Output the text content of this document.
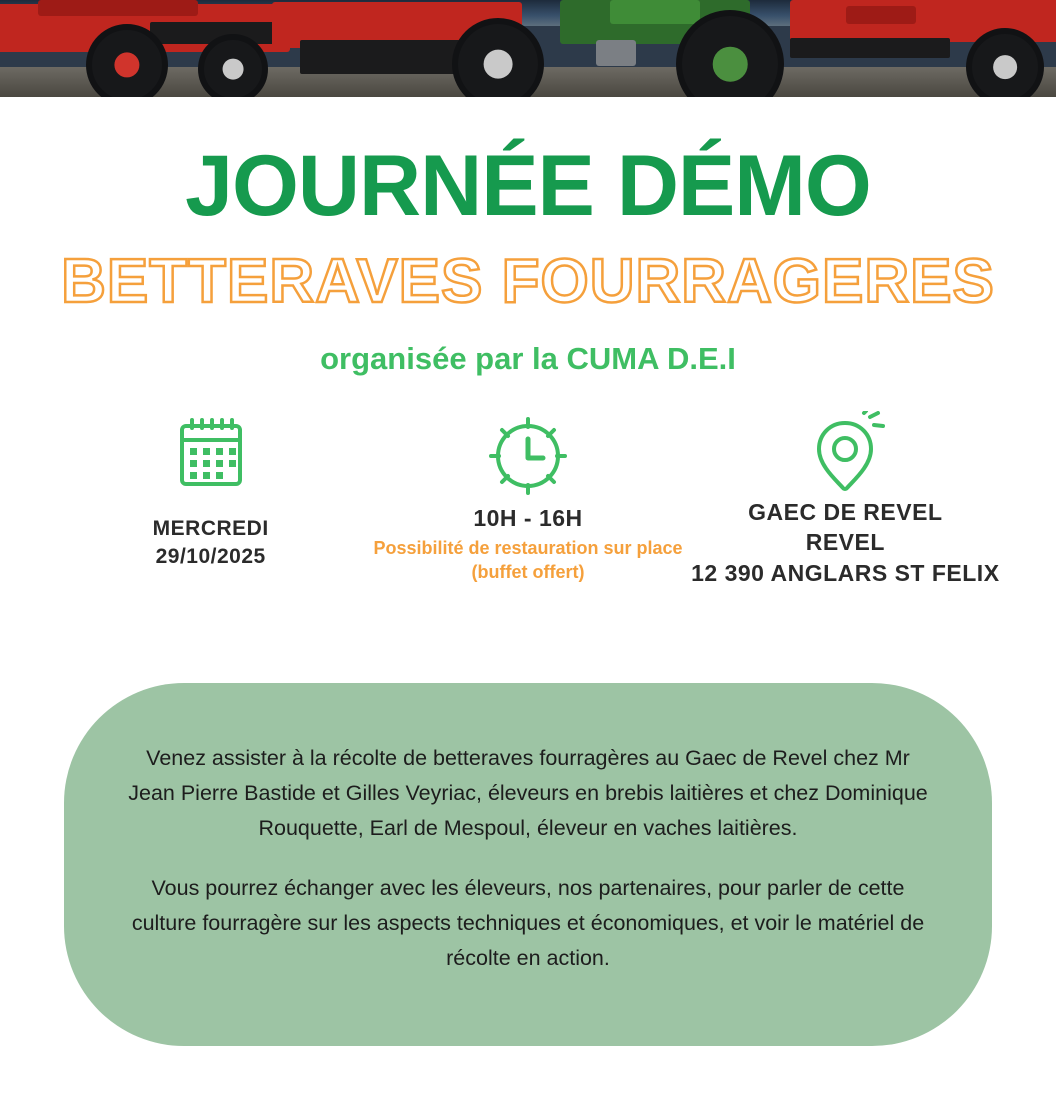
JOURNÉE DÉMO
BETTERAVES FOURRAGERES
organisée par la CUMA D.E.I
MERCREDI
29/10/2025
10H - 16H
Possibilité de restauration sur place (buffet offert)
GAEC DE REVEL
REVEL
12 390 ANGLARS ST FELIX

Venez assister à la récolte de betteraves fourragères au Gaec de Revel chez Mr Jean Pierre Bastide et Gilles Veyriac, éleveurs en brebis laitières et chez Dominique Rouquette, Earl de Mespoul, éleveur en vaches laitières.

Vous pourrez échanger avec les éleveurs, nos partenaires, pour parler de cette culture fourragère sur les aspects techniques et économiques, et voir le matériel de récolte en action.
